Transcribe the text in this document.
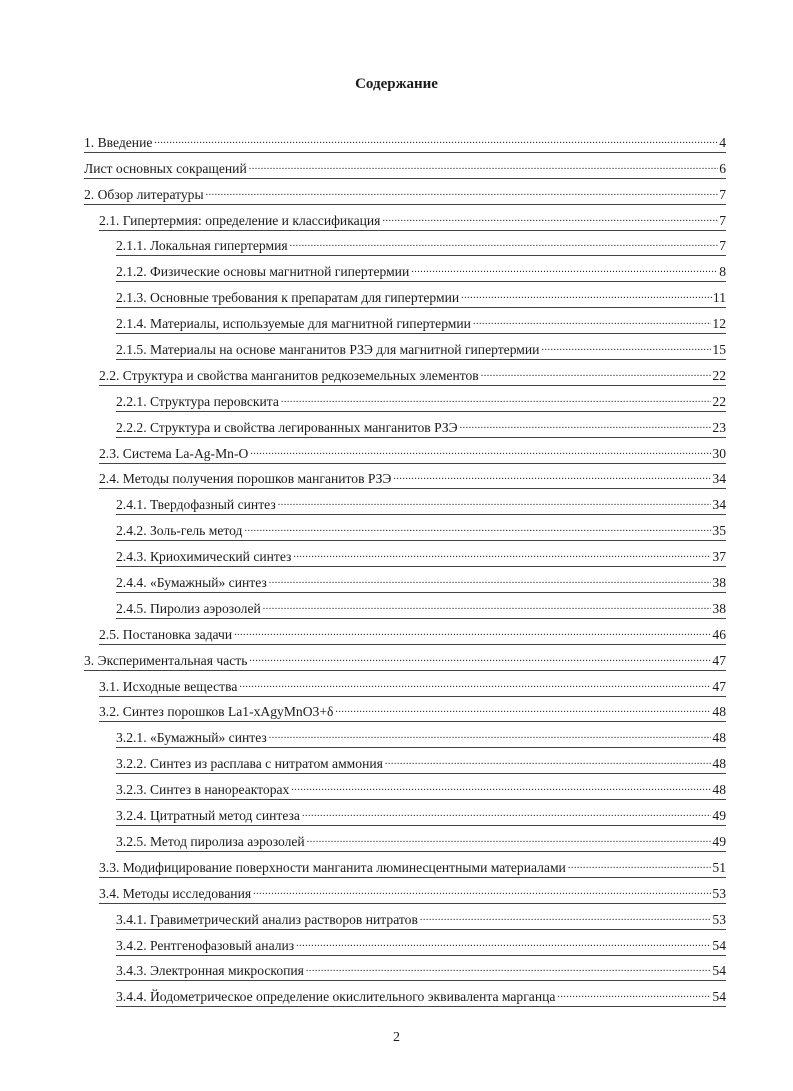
Содержание
1. Введение .....	4
Лист основных сокращений .....	6
2. Обзор литературы .....	7
2.1. Гипертермия: определение и классификация .....	7
2.1.1. Локальная гипертермия .....	7
2.1.2. Физические основы магнитной гипертермии .....	8
2.1.3. Основные требования к препаратам для гипертермии .....	11
2.1.4. Материалы, используемые для магнитной гипертермии .....	12
2.1.5. Материалы на основе манганитов РЗЭ для магнитной гипертермии .....	15
2.2. Структура и свойства манганитов редкоземельных элементов .....	22
2.2.1. Структура перовскита .....	22
2.2.2. Структура и свойства легированных манганитов РЗЭ .....	23
2.3. Система La-Ag-Mn-O .....	30
2.4. Методы получения порошков манганитов РЗЭ .....	34
2.4.1. Твердофазный синтез .....	34
2.4.2. Золь-гель метод .....	35
2.4.3. Криохимический синтез .....	37
2.4.4. «Бумажный» синтез .....	38
2.4.5. Пиролиз аэрозолей .....	38
2.5. Постановка задачи .....	46
3. Экспериментальная часть .....	47
3.1. Исходные вещества .....	47
3.2. Синтез порошков La1-xAgyMnO3+δ .....	48
3.2.1. «Бумажный» синтез .....	48
3.2.2. Синтез из расплава с нитратом аммония .....	48
3.2.3. Синтез в нанореакторах .....	48
3.2.4. Цитратный метод синтеза .....	49
3.2.5. Метод пиролиза аэрозолей .....	49
3.3. Модифицирование поверхности манганита люминесцентными материалами .....	51
3.4. Методы исследования .....	53
3.4.1. Гравиметрический анализ растворов нитратов .....	53
3.4.2. Рентгенофазовый анализ .....	54
3.4.3. Электронная микроскопия .....	54
3.4.4. Йодометрическое определение окислительного эквивалента марганца .....	54
2
